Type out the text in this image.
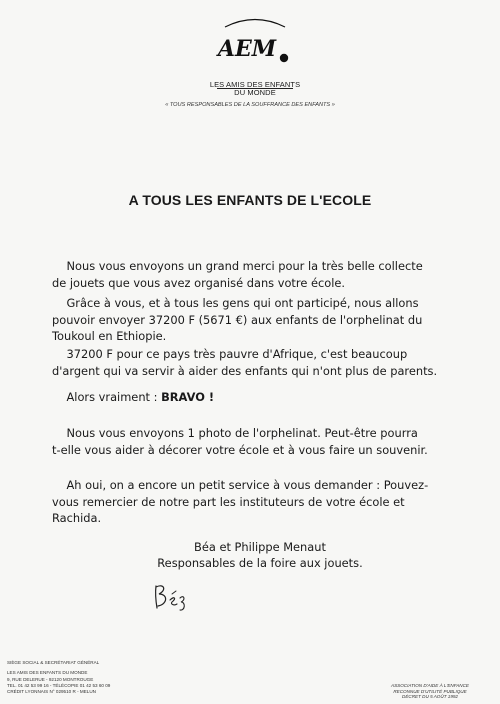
AEM
LES AMIS DES ENFANTS
DU MONDE
« TOUS RESPONSABLES DE LA SOUFFRANCE DES ENFANTS »
A TOUS LES ENFANTS DE L'ECOLE

Nous vous envoyons un grand merci pour la très belle collecte
de jouets que vous avez organisé dans votre école.

Grâce à vous, et à tous les gens qui ont participé, nous allons
pouvoir envoyer 37200 F (5671 €) aux enfants de l'orphelinat du
Toukoul en Ethiopie.

37200 F pour ce pays très pauvre d'Afrique, c'est beaucoup
d'argent qui va servir à aider des enfants qui n'ont plus de parents.

Alors vraiment : BRAVO !

Nous vous envoyons 1 photo de l'orphelinat. Peut-être pourra
t-elle vous aider à décorer votre école et à vous faire un souvenir.

Ah oui, on a encore un petit service à vous demander : Pouvez-
vous remercier de notre part les instituteurs de votre école et
Rachida.

Béa et Philippe Menaut
Responsables de la foire aux jouets.
SIÈGE SOCIAL & SECRÉTARIAT GÉNÉRAL
LES AMIS DES ENFANTS DU MONDE
9, RUE DELERUE - 92120 MONTROUGE
TEL. 01 42 53 99 16 - TÉLÉCOPIE 01 42 53 60 09
CRÉDIT LYONNAIS N° 029510 R - MELUN
ASSOCIATION D'AIDE À L'ENFANCE
RECONNUE D'UTILITÉ PUBLIQUE
DÉCRET DU 5 AOÛT 1992
